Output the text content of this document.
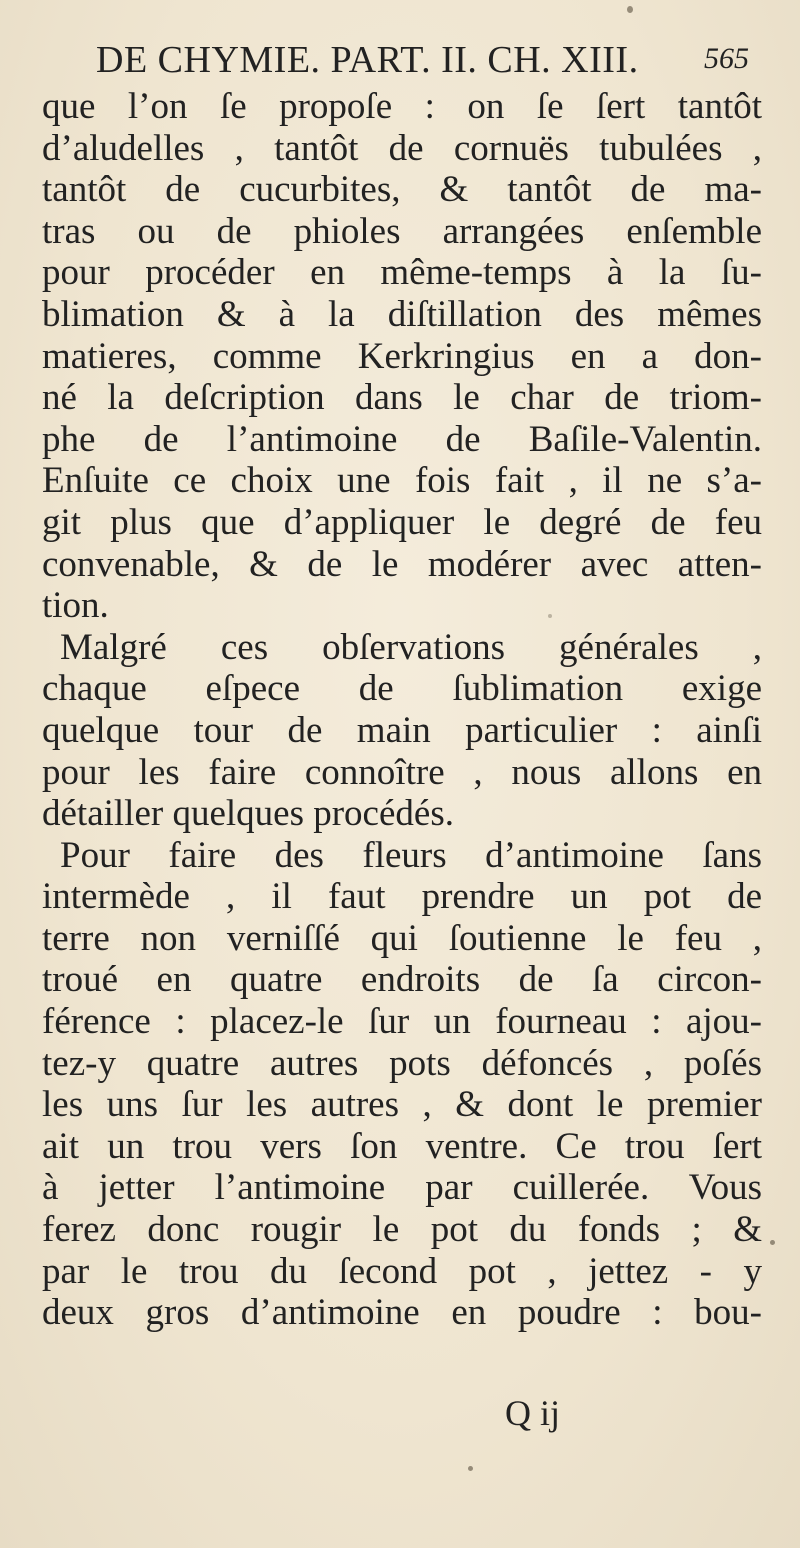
DE CHYMIE. PART. II. CH. XIII. 565
que l’on ſe propoſe : on ſe ſert tantôt
d’aludelles , tantôt de cornuës tubulées ,
tantôt de cucurbites, & tantôt de ma-
tras ou de phioles arrangées enſemble
pour procéder en même-temps à la ſu-
blimation & à la diſtillation des mêmes
matieres, comme Kerkringius en a don-
né la deſcription dans le char de triom-
phe de l’antimoine de Baſile-Valentin.
Enſuite ce choix une fois fait , il ne s’a-
git plus que d’appliquer le degré de feu
convenable, & de le modérer avec atten-
tion.
Malgré ces obſervations générales ,
chaque eſpece de ſublimation exige
quelque tour de main particulier : ainſi
pour les faire connoître , nous allons en
détailler quelques procédés.
Pour faire des fleurs d’antimoine ſans
intermède , il faut prendre un pot de
terre non verniſſé qui ſoutienne le feu ,
troué en quatre endroits de ſa circon-
férence : placez-le ſur un fourneau : ajou-
tez-y quatre autres pots défoncés , poſés
les uns ſur les autres , & dont le premier
ait un trou vers ſon ventre. Ce trou ſert
à jetter l’antimoine par cuillerée. Vous
ferez donc rougir le pot du fonds ; &
par le trou du ſecond pot , jettez - y
deux gros d’antimoine en poudre : bou-
Q ij
